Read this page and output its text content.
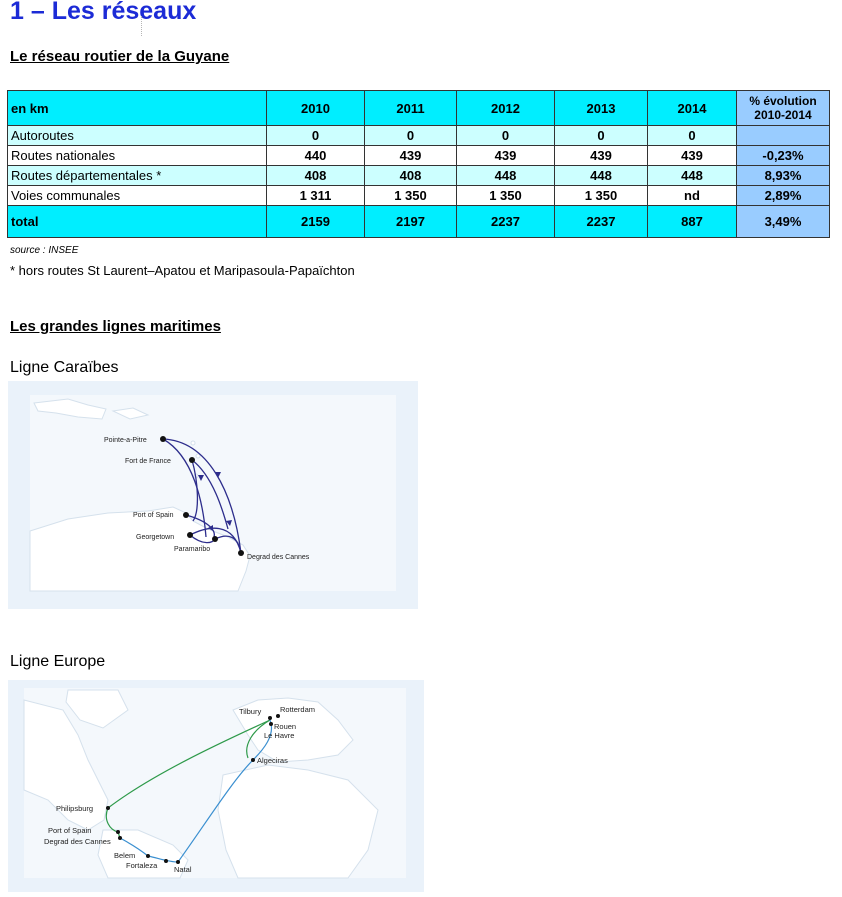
1 – Les réseaux
Le réseau routier de la Guyane
en km	2010	2011	2012	2013	2014	% évolution
2010-2014
Autoroutes	0	0	0	0	0	
Routes nationales	440	439	439	439	439	-0,23%
Routes départementales *	408	408	448	448	448	8,93%
Voies communales	1 311	1 350	1 350	1 350	nd	2,89%
total	2159	2197	2237	2237	887	3,49%
source : INSEE
* hors routes St Laurent–Apatou et Maripasoula-Papaïchton
Les grandes lignes maritimes
Ligne Caraïbes
Pointe-a-Pitre
Fort de France
Port of Spain
Georgetown
Paramaribo
Degrad des Cannes
Ligne Europe
Tilbury	Rotterdam
Rouen
Le Havre
Algeciras
Philipsburg
Port of Spain
Degrad des Cannes
Belem
Fortaleza Natal
